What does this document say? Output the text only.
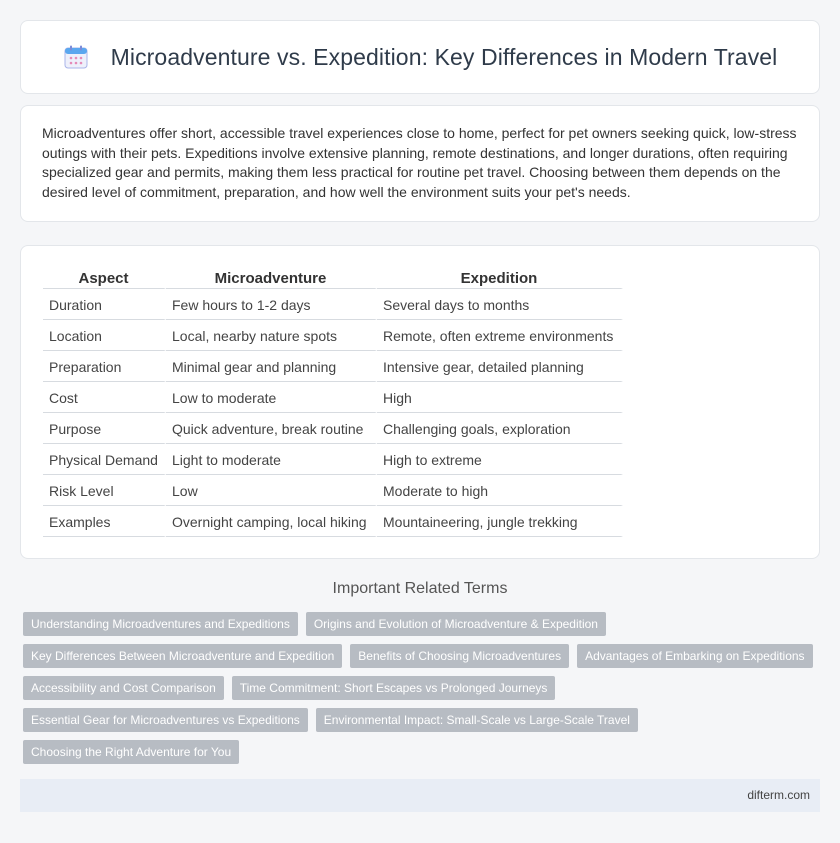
Microadventure vs. Expedition: Key Differences in Modern Travel

Microadventures offer short, accessible travel experiences close to home, perfect for pet owners seeking quick, low-stress outings with their pets. Expeditions involve extensive planning, remote destinations, and longer durations, often requiring specialized gear and permits, making them less practical for routine pet travel. Choosing between them depends on the desired level of commitment, preparation, and how well the environment suits your pet's needs.

Aspect	Microadventure	Expedition
Duration	Few hours to 1-2 days	Several days to months
Location	Local, nearby nature spots	Remote, often extreme environments
Preparation	Minimal gear and planning	Intensive gear, detailed planning
Cost	Low to moderate	High
Purpose	Quick adventure, break routine	Challenging goals, exploration
Physical Demand	Light to moderate	High to extreme
Risk Level	Low	Moderate to high
Examples	Overnight camping, local hiking	Mountaineering, jungle trekking
Important Related Terms
Understanding Microadventures and Expeditions	Origins and Evolution of Microadventure & Expedition
Key Differences Between Microadventure and Expedition	Benefits of Choosing Microadventures	Advantages of Embarking on Expeditions
Accessibility and Cost Comparison	Time Commitment: Short Escapes vs Prolonged Journeys
Essential Gear for Microadventures vs Expeditions	Environmental Impact: Small-Scale vs Large-Scale Travel
Choosing the Right Adventure for You
difterm.com
